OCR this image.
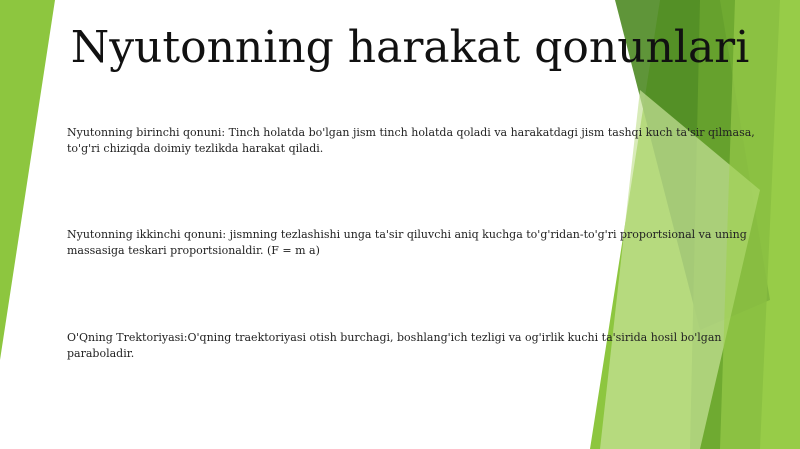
Nyutonning harakat qonunlari

Nyutonning birinchi qonuni: Tinch holatda bo'lgan jism tinch holatda qoladi va harakatdagi jism tashqi kuch ta'sir qilmasa, to'g'ri chiziqda doimiy tezlikda harakat qiladi.

Nyutonning ikkinchi qonuni: jismning tezlashishi unga ta'sir qiluvchi aniq kuchga to'g'ridan-to'g'ri proportsional va uning massasiga teskari proportsionaldir. (F = m a)

O'Qning Trektoriyasi:O'qning traektoriyasi otish burchagi, boshlang'ich tezligi va og'irlik kuchi ta'sirida hosil bo'lgan paraboladir.
